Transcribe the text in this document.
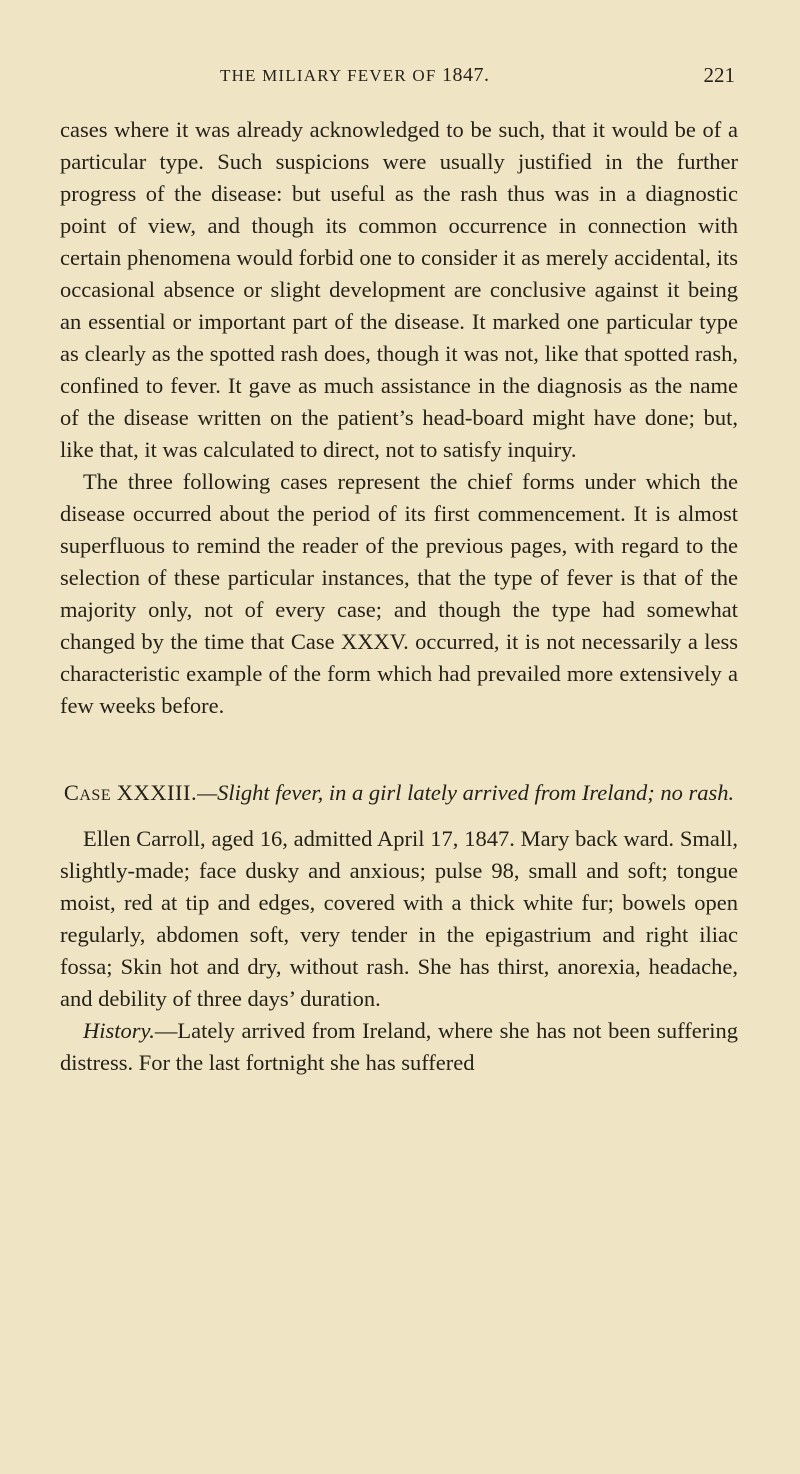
THE MILIARY FEVER OF 1847.	221

cases where it was already acknowledged to be such, that it would be of a particular type. Such suspicions were usually justified in the further progress of the disease: but useful as the rash thus was in a diagnostic point of view, and though its common occurrence in connection with certain phenomena would forbid one to consider it as merely accidental, its occasional absence or slight development are conclusive against it being an essential or important part of the disease. It marked one particular type as clearly as the spotted rash does, though it was not, like that spotted rash, confined to fever. It gave as much assistance in the diagnosis as the name of the disease written on the patient’s head-board might have done; but, like that, it was calculated to direct, not to satisfy inquiry.

The three following cases represent the chief forms under which the disease occurred about the period of its first commencement. It is almost superfluous to remind the reader of the previous pages, with regard to the selection of these particular instances, that the type of fever is that of the majority only, not of every case; and though the type had somewhat changed by the time that Case XXXV. occurred, it is not necessarily a less characteristic example of the form which had prevailed more extensively a few weeks before.

Case XXXIII.—Slight fever, in a girl lately arrived from Ireland; no rash.

Ellen Carroll, aged 16, admitted April 17, 1847. Mary back ward. Small, slightly-made; face dusky and anxious; pulse 98, small and soft; tongue moist, red at tip and edges, covered with a thick white fur; bowels open regularly, abdomen soft, very tender in the epigastrium and right iliac fossa; Skin hot and dry, without rash. She has thirst, anorexia, headache, and debility of three days’ duration.

History.—Lately arrived from Ireland, where she has not been suffering distress. For the last fortnight she has suffered
